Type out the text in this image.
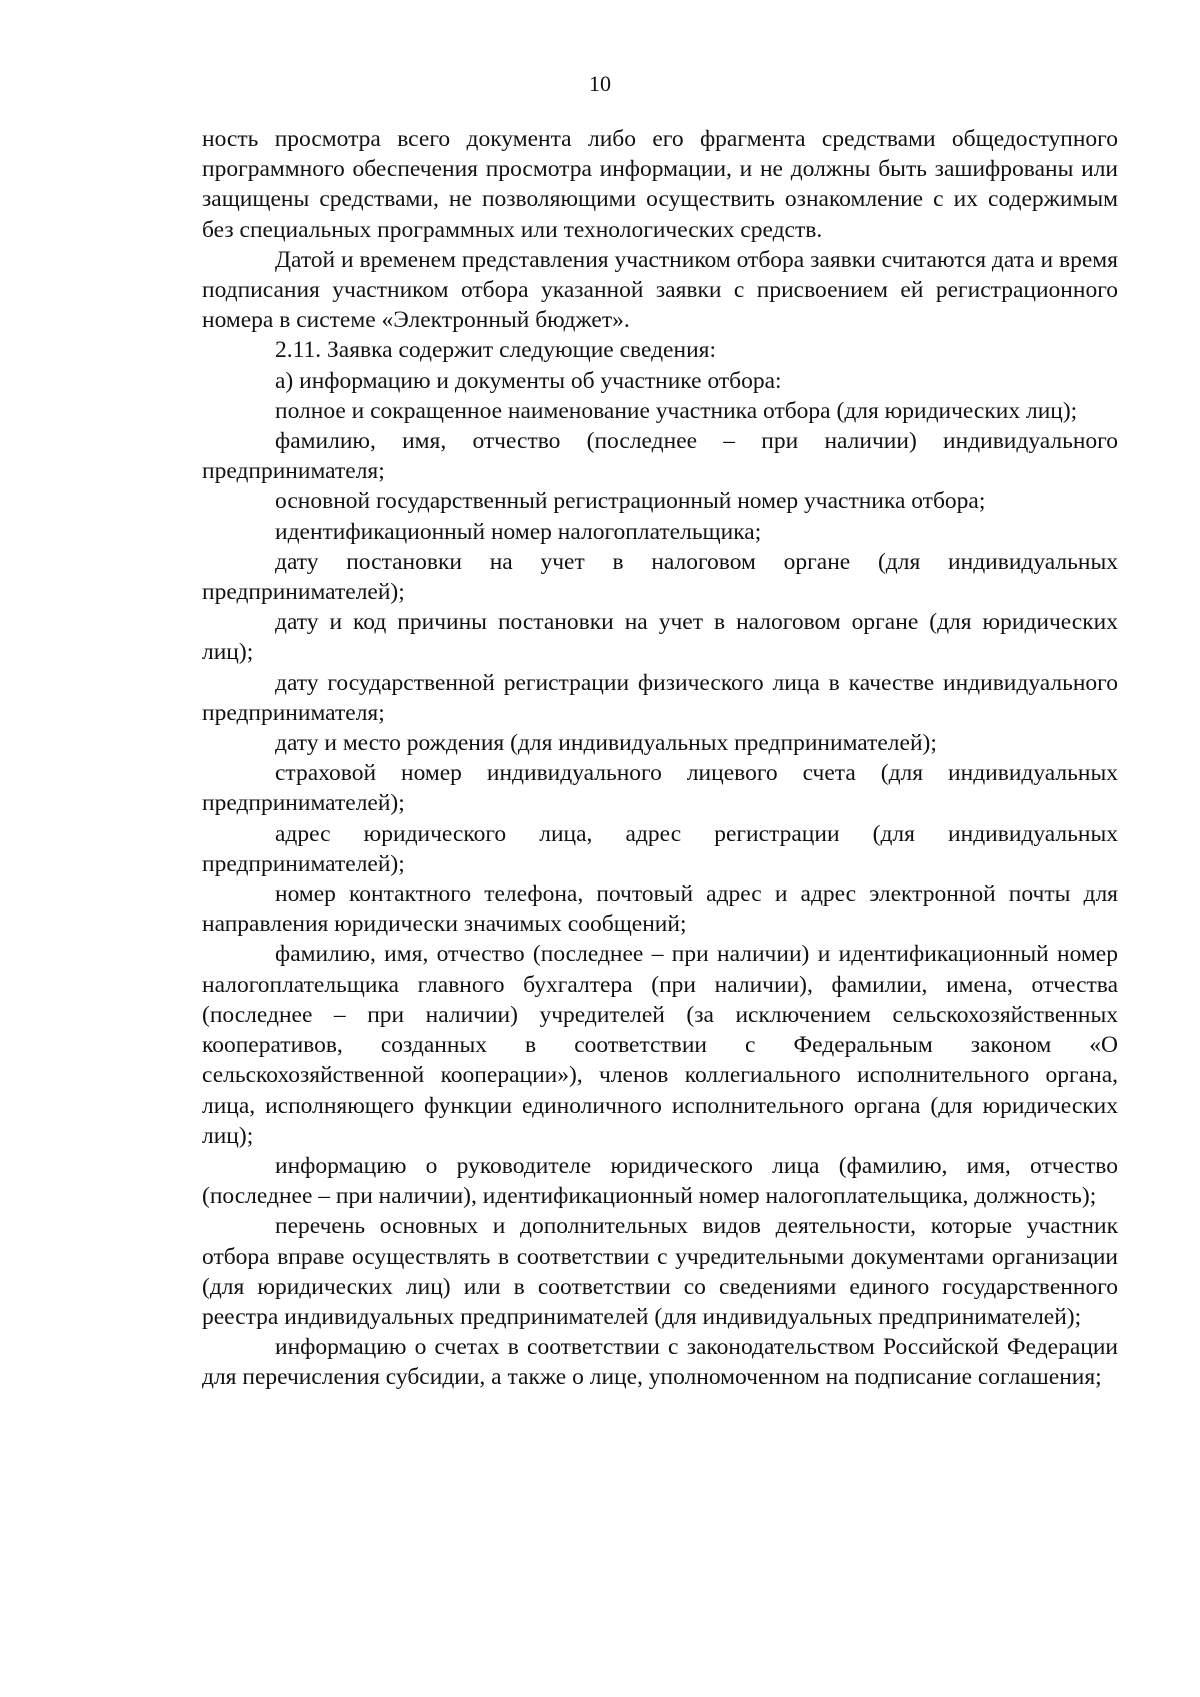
10

ность просмотра всего документа либо его фрагмента средствами общедоступного программного обеспечения просмотра информации, и не должны быть зашифрованы или защищены средствами, не позволяющими осуществить ознакомление с их содержимым без специальных программных или технологических средств.

Датой и временем представления участником отбора заявки считаются дата и время подписания участником отбора указанной заявки с присвоением ей регистрационного номера в системе «Электронный бюджет».

2.11. Заявка содержит следующие сведения:

а) информацию и документы об участнике отбора:

полное и сокращенное наименование участника отбора (для юридических лиц);

фамилию, имя, отчество (последнее – при наличии) индивидуального предпринимателя;

основной государственный регистрационный номер участника отбора;

идентификационный номер налогоплательщика;

дату постановки на учет в налоговом органе (для индивидуальных предпринимателей);

дату и код причины постановки на учет в налоговом органе (для юридических лиц);

дату государственной регистрации физического лица в качестве индивидуального предпринимателя;

дату и место рождения (для индивидуальных предпринимателей);

страховой номер индивидуального лицевого счета (для индивидуальных предпринимателей);

адрес юридического лица, адрес регистрации (для индивидуальных предпринимателей);

номер контактного телефона, почтовый адрес и адрес электронной почты для направления юридически значимых сообщений;

фамилию, имя, отчество (последнее – при наличии) и идентификационный номер налогоплательщика главного бухгалтера (при наличии), фамилии, имена, отчества (последнее – при наличии) учредителей (за исключением сельскохозяйственных кооперативов, созданных в соответствии с Федеральным законом «О сельскохозяйственной кооперации»), членов коллегиального исполнительного органа, лица, исполняющего функции единоличного исполнительного органа (для юридических лиц);

информацию о руководителе юридического лица (фамилию, имя, отчество (последнее – при наличии), идентификационный номер налогоплательщика, должность);

перечень основных и дополнительных видов деятельности, которые участник отбора вправе осуществлять в соответствии с учредительными документами организации (для юридических лиц) или в соответствии со сведениями единого государственного реестра индивидуальных предпринимателей (для индивидуальных предпринимателей);

информацию о счетах в соответствии с законодательством Российской Федерации для перечисления субсидии, а также о лице, уполномоченном на подписание соглашения;
